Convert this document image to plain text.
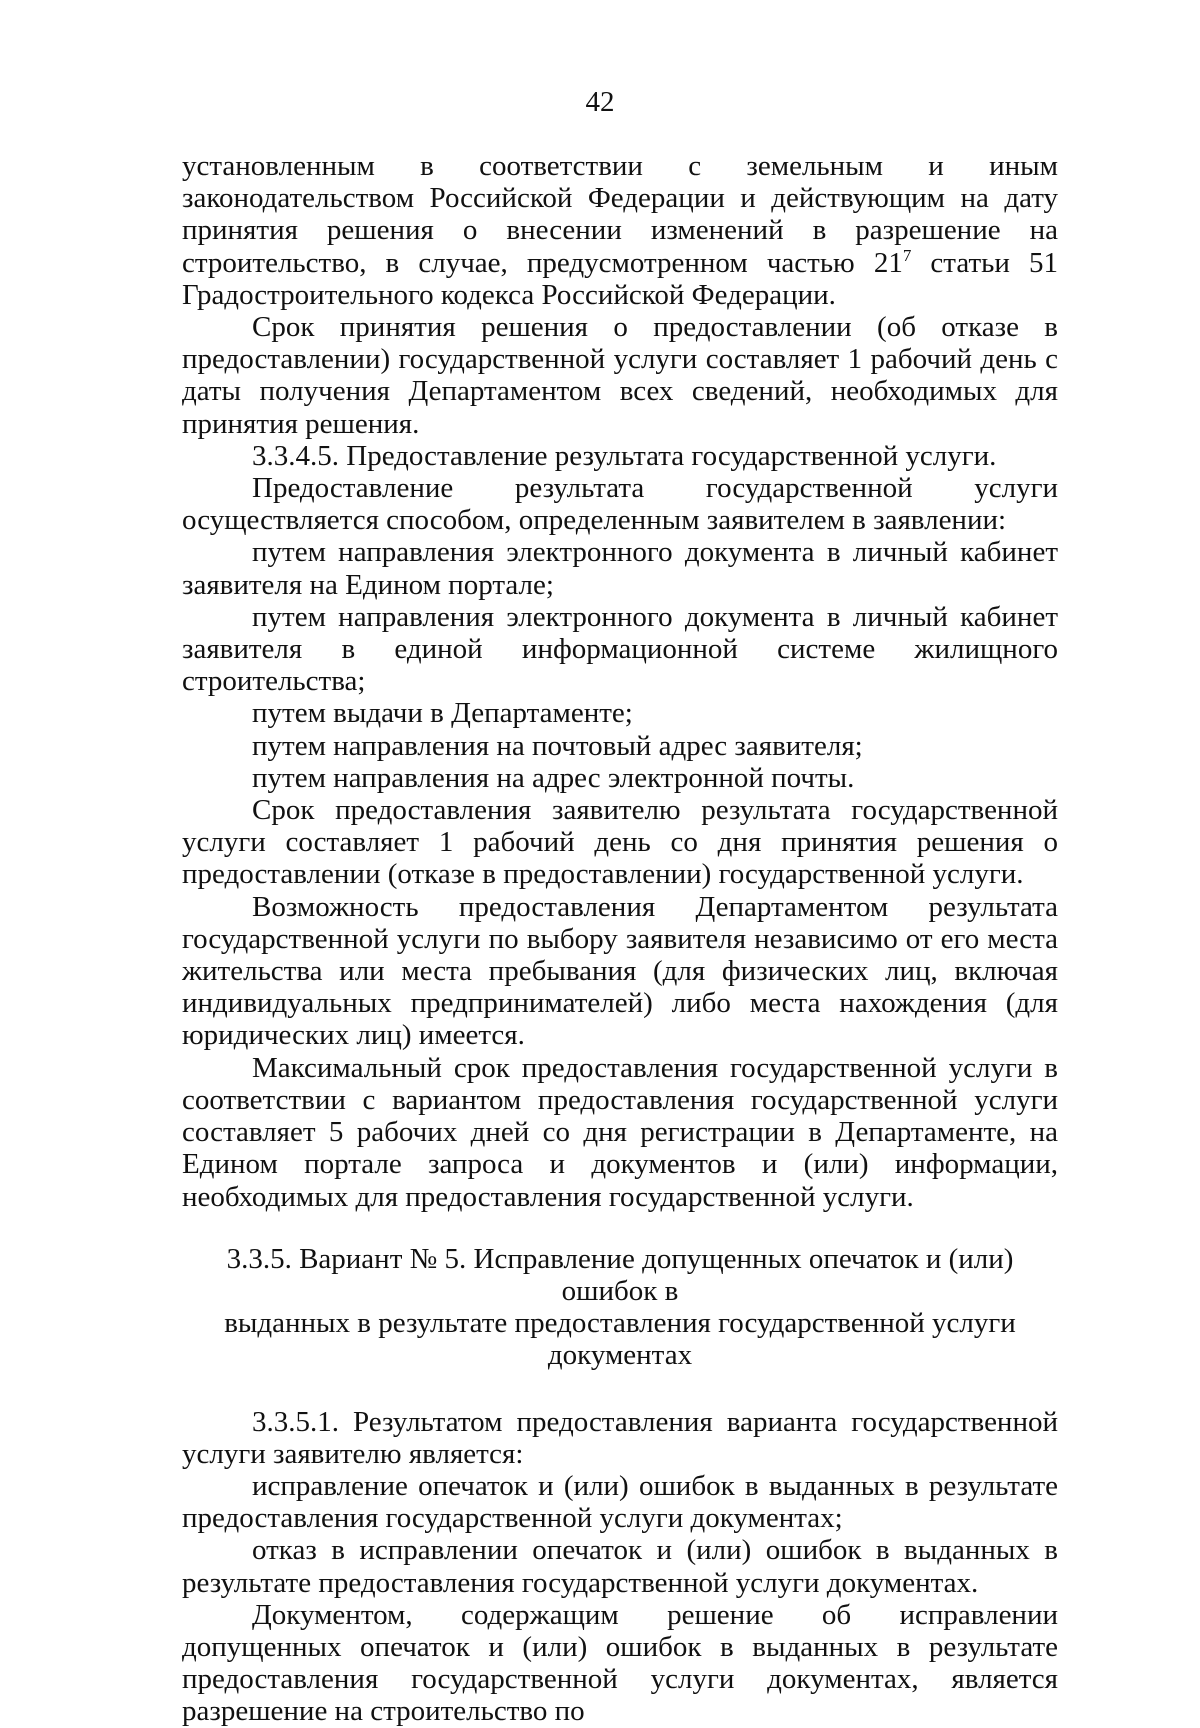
42

установленным в соответствии с земельным и иным законодательством Российской Федерации и действующим на дату принятия решения о внесении изменений в разрешение на строительство, в случае, предусмотренном частью $21^7$ статьи 51 Градостроительного кодекса Российской Федерации.

Срок принятия решения о предоставлении (об отказе в предоставлении) государственной услуги составляет 1 рабочий день с даты получения Департаментом всех сведений, необходимых для принятия решения.

3.3.4.5. Предоставление результата государственной услуги.

Предоставление результата государственной услуги осуществляется способом, определенным заявителем в заявлении:

путем направления электронного документа в личный кабинет заявителя на Едином портале;

путем направления электронного документа в личный кабинет заявителя в единой информационной системе жилищного строительства;

путем выдачи в Департаменте;

путем направления на почтовый адрес заявителя;

путем направления на адрес электронной почты.

Срок предоставления заявителю результата государственной услуги составляет 1 рабочий день со дня принятия решения о предоставлении (отказе в предоставлении) государственной услуги.

Возможность предоставления Департаментом результата государственной услуги по выбору заявителя независимо от его места жительства или места пребывания (для физических лиц, включая индивидуальных предпринимателей) либо места нахождения (для юридических лиц) имеется.

Максимальный срок предоставления государственной услуги в соответствии с вариантом предоставления государственной услуги составляет 5 рабочих дней со дня регистрации в Департаменте, на Едином портале запроса и документов и (или) информации, необходимых для предоставления государственной услуги.

3.3.5. Вариант № 5. Исправление допущенных опечаток и (или) ошибок в
выданных в результате предоставления государственной услуги документах

3.3.5.1. Результатом предоставления варианта государственной услуги заявителю является:

исправление опечаток и (или) ошибок в выданных в результате предоставления государственной услуги документах;

отказ в исправлении опечаток и (или) ошибок в выданных в результате предоставления государственной услуги документах.

Документом, содержащим решение об исправлении допущенных опечаток и (или) ошибок в выданных в результате предоставления государственной услуги документах, является разрешение на строительство по
